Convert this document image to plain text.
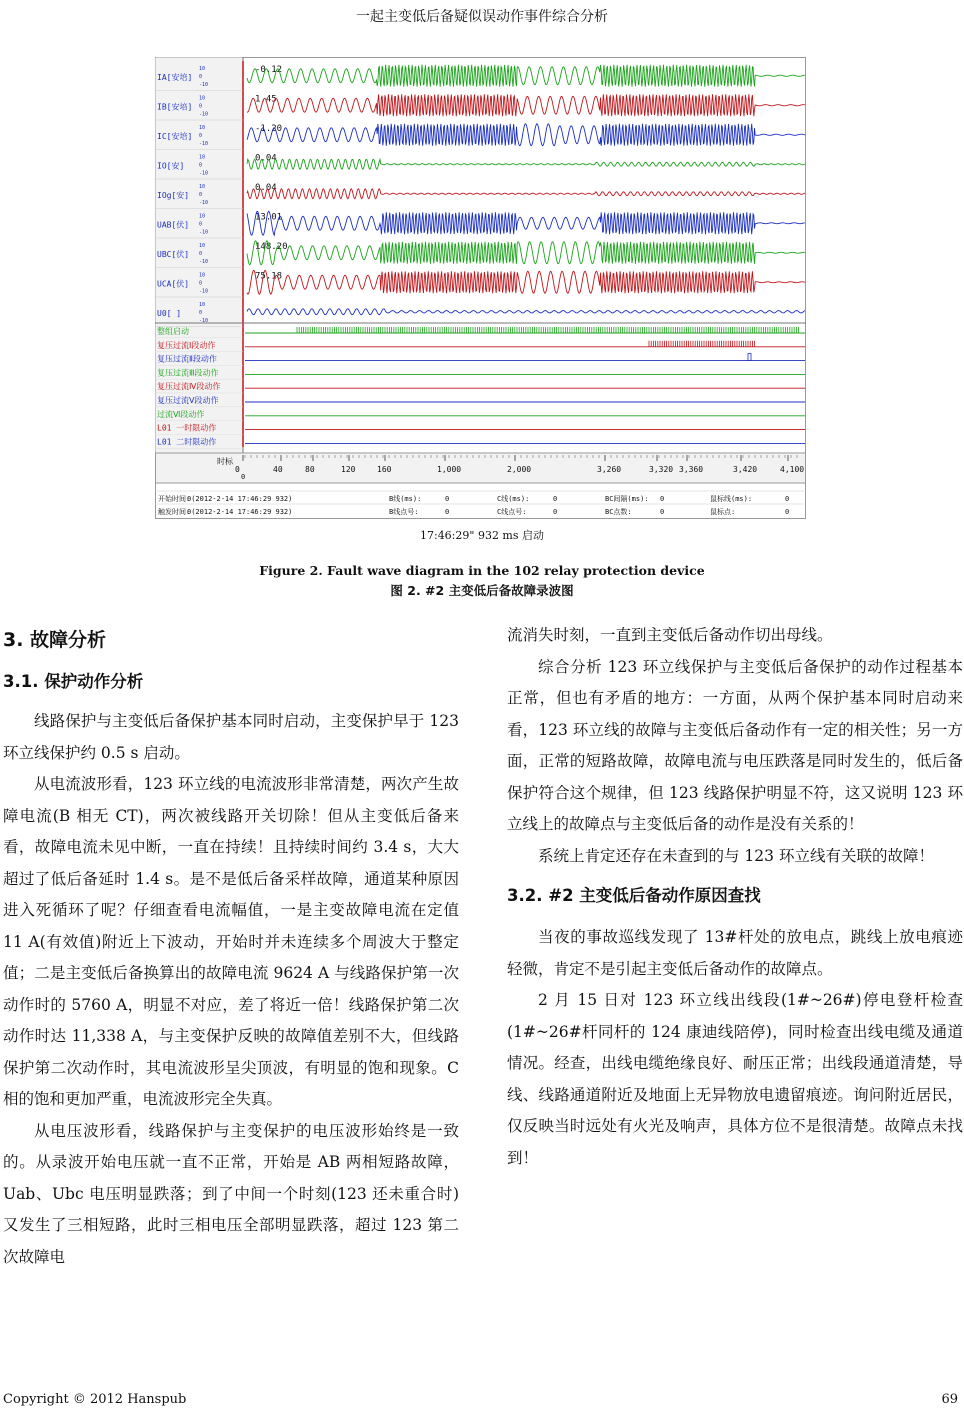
一起主变低后备疑似误动作事件综合分析
IA[安培]
10
0
-10
-0.12
IB[安培]
10
0
-10
1.45
IC[安培]
10
0
-10
-1.20
IO[安]
10
0
-10
0.04
IOg[安]
10
0
-10
0.04
UAB[伏]
10
0
-10
13.01
UBC[伏]
10
0
-10
148.20
UCA[伏]
10
0
-10
75.18
U0[ ]
10
0
-10
整组启动
复压过流Ⅰ段动作
复压过流Ⅱ段动作
复压过流Ⅲ段动作
复压过流Ⅳ段动作
复压过流Ⅴ段动作
过流Ⅵ段动作
L01 一时限动作
L01 二时限动作
时标
0
0	40	80	120	160	1,000	2,000	3,260	3,320 3,360	3,420	4,100
开始时间:
0(2012-2-14 17:46:29 932)	B线(ms):	0	C线(ms):	0	BC间隔(ms): 0	鼠标线(ms):	0
触发时间:
0(2012-2-14 17:46:29 932)	B线点号:	0	C线点号:	0	BC点数:	0	鼠标点:	0
17:46:29" 932 ms 启动
Figure 2. Fault wave diagram in the 102 relay protection device
图 2. #2 主变低后备故障录波图
3. 故障分析
3.1. 保护动作分析

线路保护与主变低后备保护基本同时启动，主变保护早于 123 环立线保护约 0.5 s 启动。

从电流波形看，123 环立线的电流波形非常清楚，两次产生故障电流(B 相无 CT)，两次被线路开关切除！但从主变低后备来看，故障电流未见中断，一直在持续！且持续时间约 3.4 s，大大超过了低后备延时 1.4 s。是不是低后备采样故障，通道某种原因进入死循环了呢？仔细查看电流幅值，一是主变故障电流在定值 11 A(有效值)附近上下波动，开始时并未连续多个周波大于整定值；二是主变低后备换算出的故障电流 9624 A 与线路保护第一次动作时的 5760 A，明显不对应，差了将近一倍！线路保护第二次动作时达 11,338 A，与主变保护反映的故障值差别不大，但线路保护第二次动作时，其电流波形呈尖顶波，有明显的饱和现象。C 相的饱和更加严重，电流波形完全失真。

从电压波形看，线路保护与主变保护的电压波形始终是一致的。从录波开始电压就一直不正常，开始是 AB 两相短路故障，Uab、Ubc 电压明显跌落；到了中间一个时刻(123 还未重合时)又发生了三相短路，此时三相电压全部明显跌落，超过 123 第二次故障电

流消失时刻，一直到主变低后备动作切出母线。

综合分析 123 环立线保护与主变低后备保护的动作过程基本正常，但也有矛盾的地方：一方面，从两个保护基本同时启动来看，123 环立线的故障与主变低后备动作有一定的相关性；另一方面，正常的短路故障，故障电流与电压跌落是同时发生的，低后备保护符合这个规律，但 123 线路保护明显不符，这又说明 123 环立线上的故障点与主变低后备的动作是没有关系的！

系统上肯定还存在未查到的与 123 环立线有关联的故障！

3.2. #2 主变低后备动作原因查找

当夜的事故巡线发现了 13#杆处的放电点，跳线上放电痕迹轻微，肯定不是引起主变低后备动作的故障点。

2 月 15 日对 123 环立线出线段(1#~26#)停电登杆检查(1#~26#杆同杆的 124 康迪线陪停)，同时检查出线电缆及通道情况。经查，出线电缆绝缘良好、耐压正常；出线段通道清楚，导线、线路通道附近及地面上无异物放电遗留痕迹。询问附近居民，仅反映当时远处有火光及响声，具体方位不是很清楚。故障点未找到！

Copyright © 2012 Hanspub	69
